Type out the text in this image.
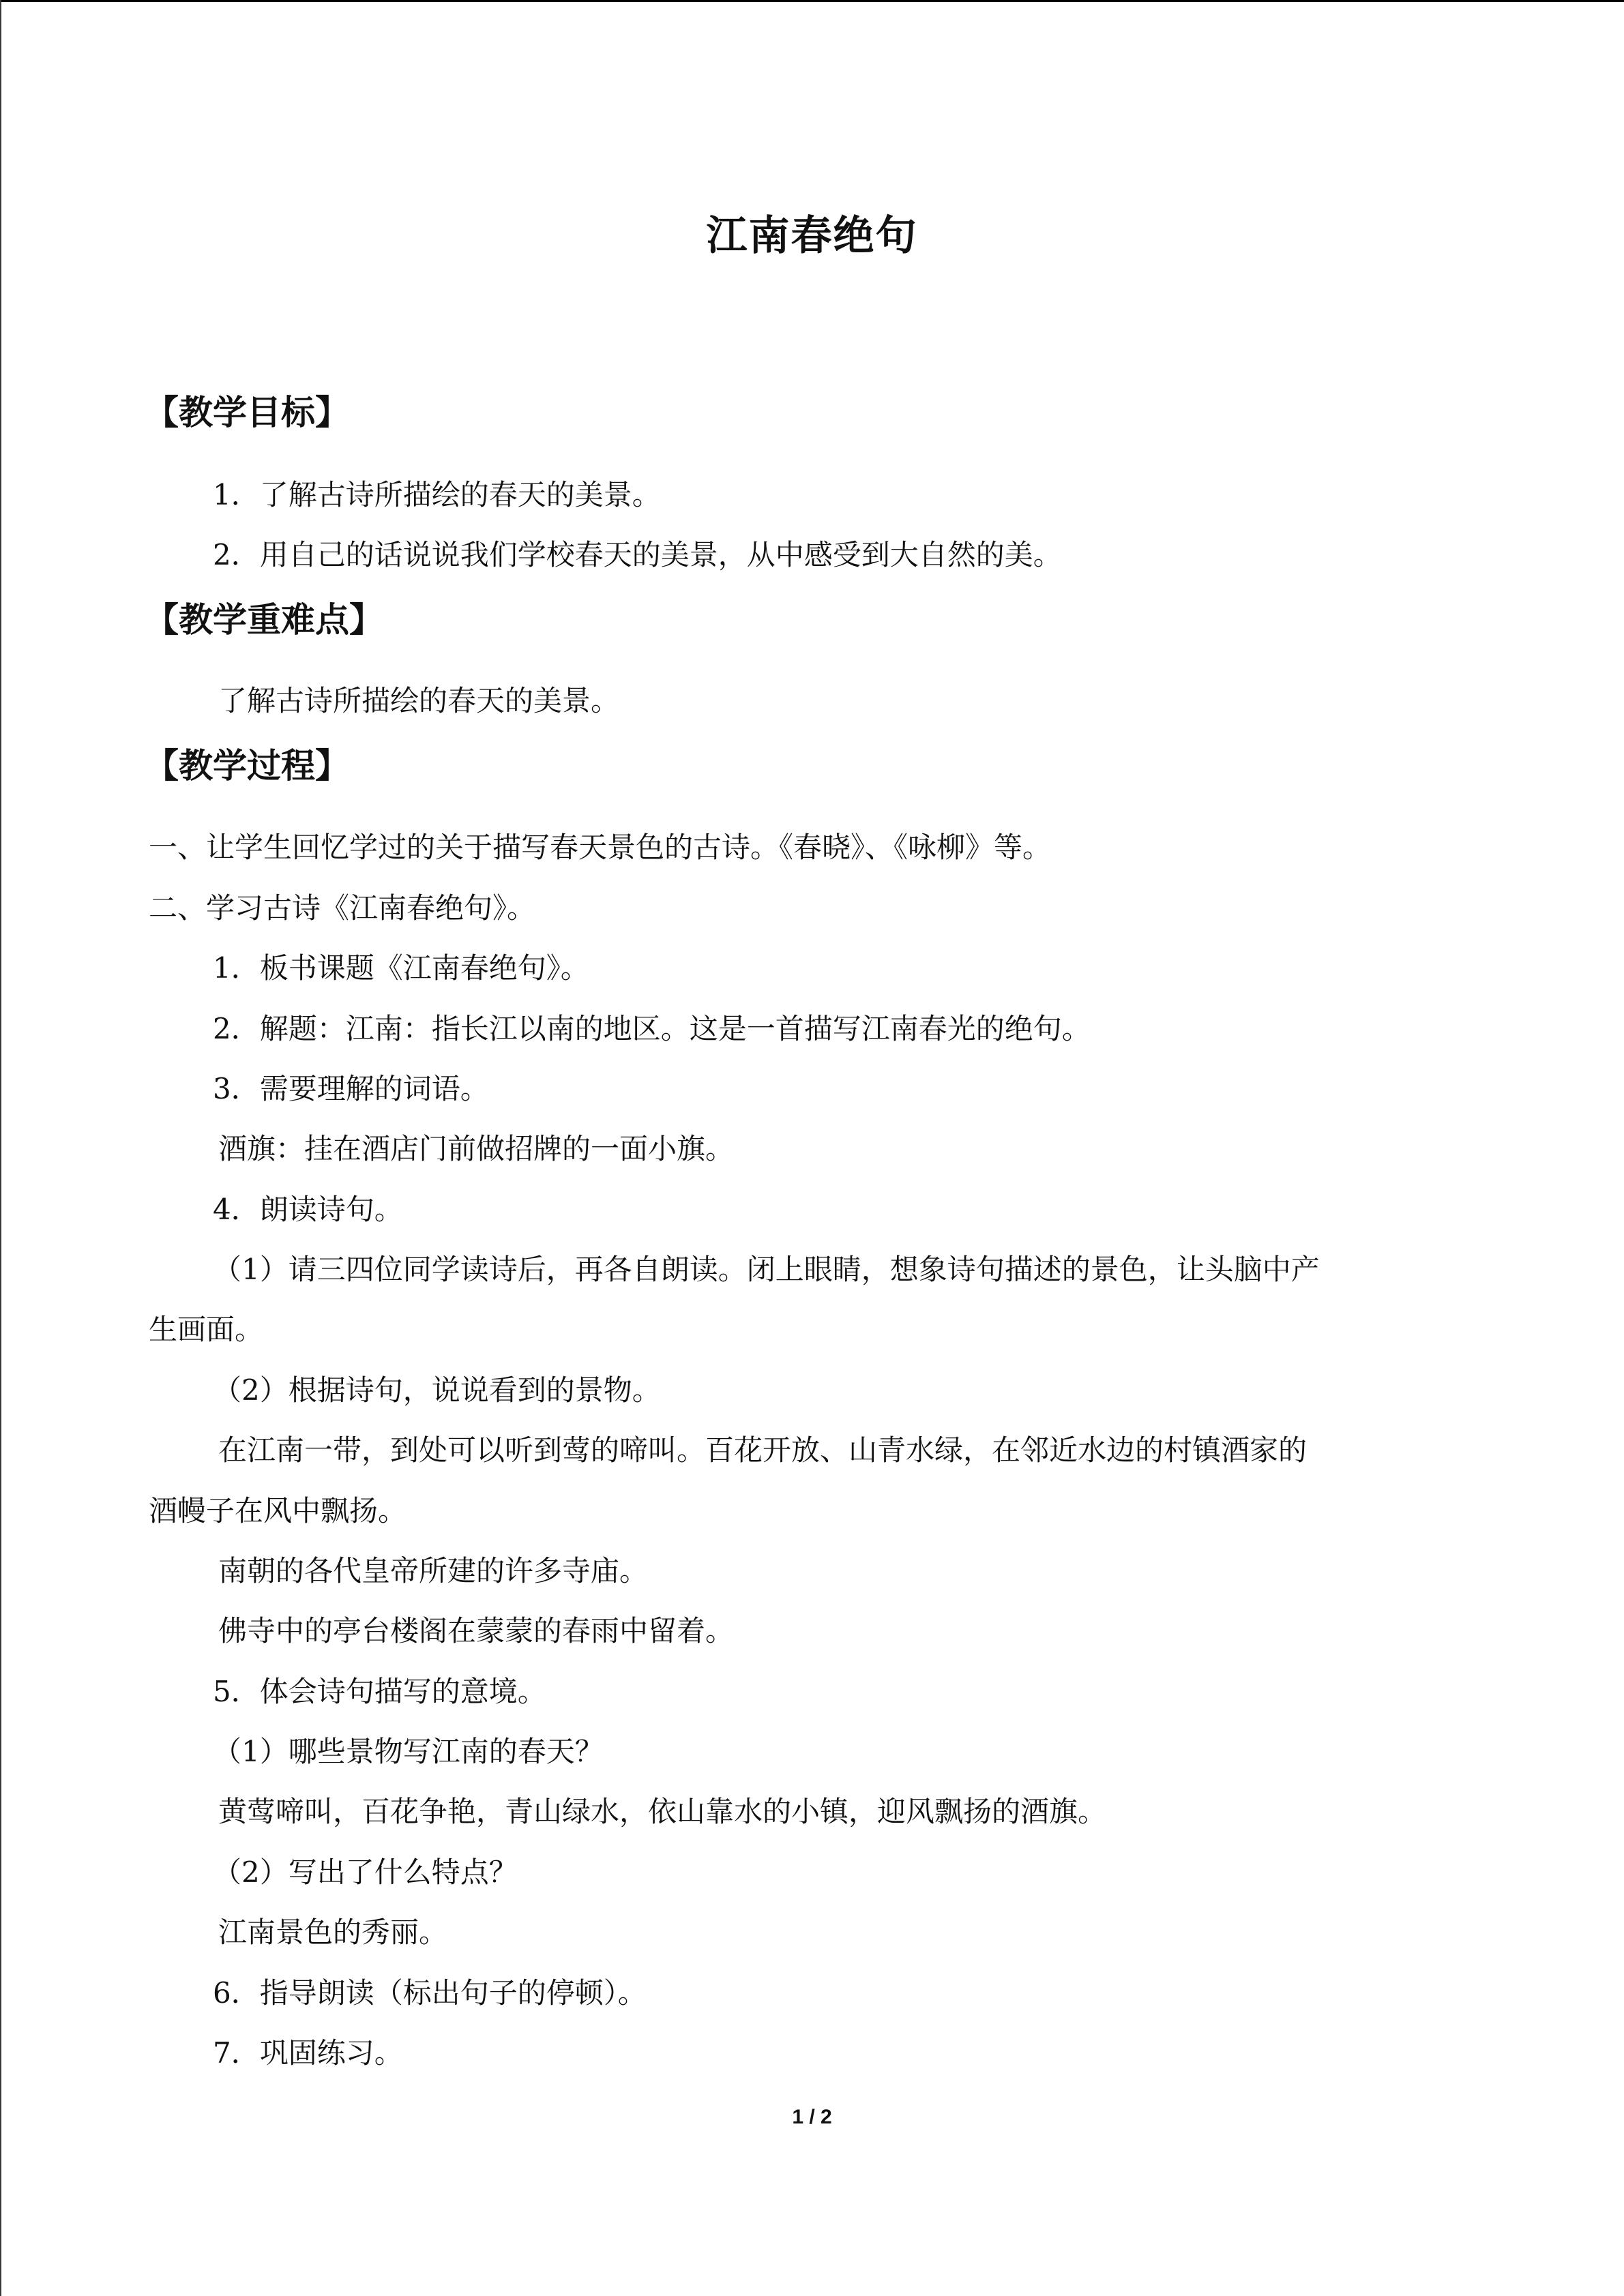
江南春绝句
【教学目标】
1．了解古诗所描绘的春天的美景。
2．用自己的话说说我们学校春天的美景，从中感受到大自然的美。
【教学重难点】
了解古诗所描绘的春天的美景。
【教学过程】
一、让学生回忆学过的关于描写春天景色的古诗。《春晓》、《咏柳》等。
二、学习古诗《江南春绝句》。
1．板书课题《江南春绝句》。
2．解题：江南：指长江以南的地区。这是一首描写江南春光的绝句。
3．需要理解的词语。
酒旗：挂在酒店门前做招牌的一面小旗。
4．朗读诗句。
（1）请三四位同学读诗后，再各自朗读。闭上眼睛，想象诗句描述的景色，让头脑中产
生画面。
（2）根据诗句，说说看到的景物。
在江南一带，到处可以听到莺的啼叫。百花开放、山青水绿，在邻近水边的村镇酒家的
酒幔子在风中飘扬。
南朝的各代皇帝所建的许多寺庙。
佛寺中的亭台楼阁在蒙蒙的春雨中留着。
5．体会诗句描写的意境。
（1）哪些景物写江南的春天？
黄莺啼叫，百花争艳，青山绿水，依山靠水的小镇，迎风飘扬的酒旗。
（2）写出了什么特点？
江南景色的秀丽。
6．指导朗读（标出句子的停顿）。
7．巩固练习。
1 / 2
